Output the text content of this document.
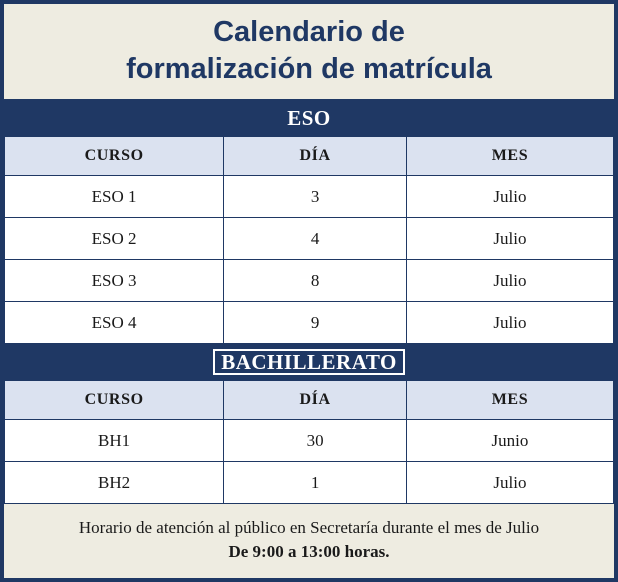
Calendario de
formalización de matrícula
ESO		
CURSO	DÍA	MES
ESO 1	3	Julio
ESO 2	4	Julio
ESO 3	8	Julio
ESO 4	9	Julio
BACHILLERATO		
CURSO	DÍA	MES
BH1	30	Junio
BH2	1	Julio
Horario de atención al público en Secretaría durante el mes de Julio
De 9:00 a 13:00 horas.
